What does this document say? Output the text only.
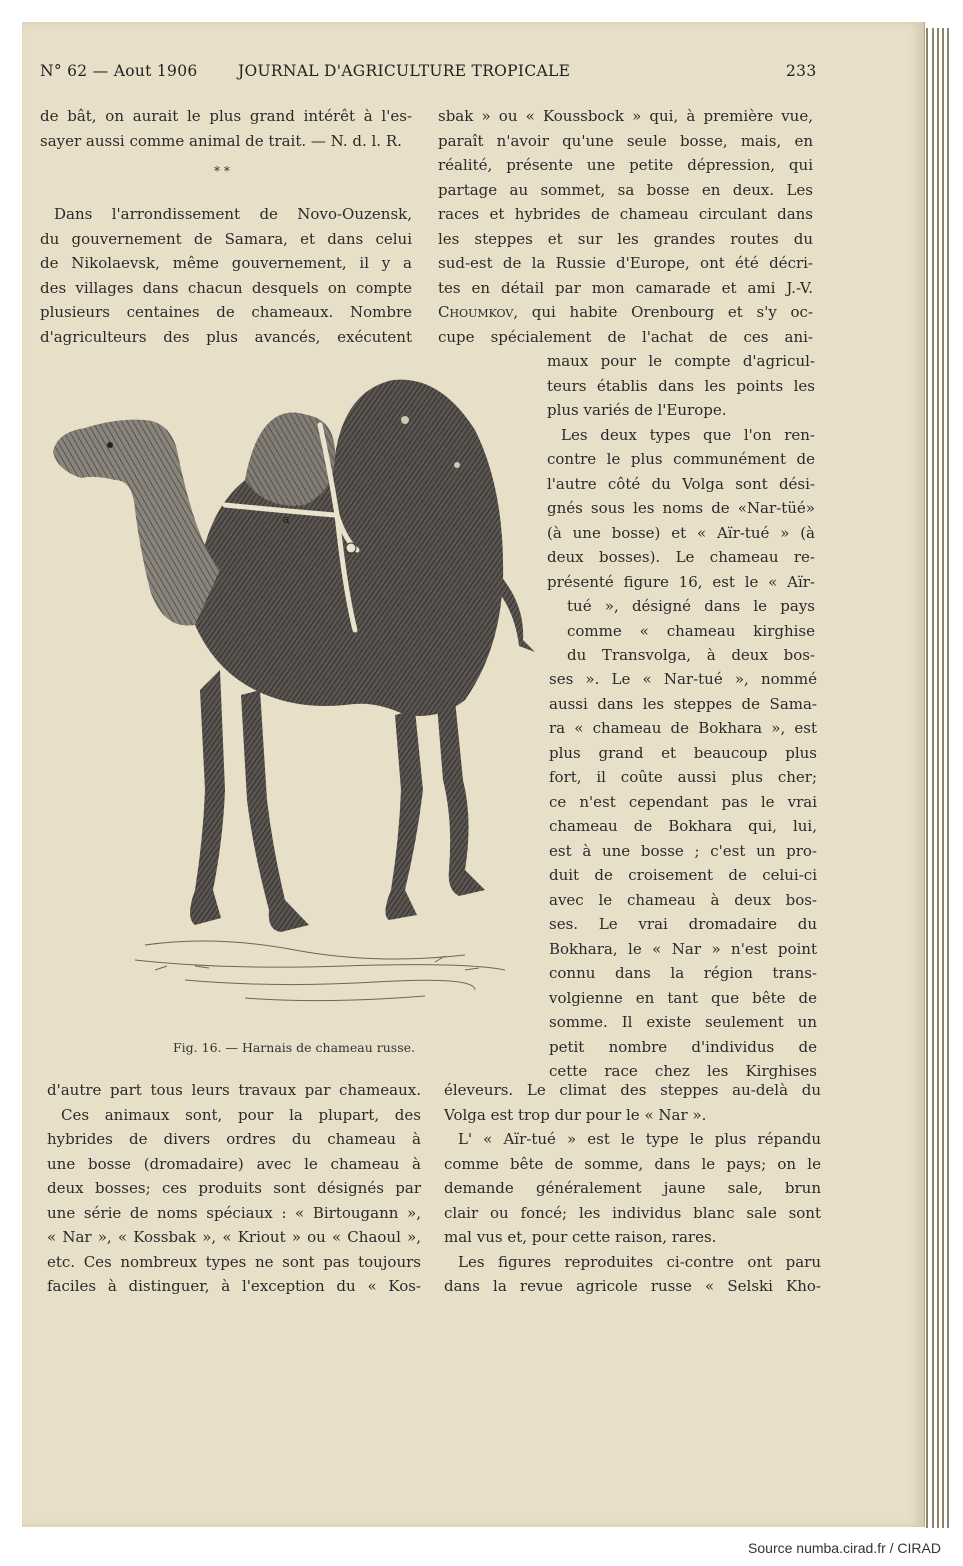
N° 62 — Aout 1906	JOURNAL D'AGRICULTURE TROPICALE	233
de bât, on aurait le plus grand intérêt à l'es-
sayer aussi comme animal de trait. — N. d. l. R.
* *
Dans l'arrondissement de Novo-Ouzensk,
du gouvernement de Samara, et dans celui
de Nikolaevsk, même gouvernement, il y a
des villages dans chacun desquels on compte
plusieurs centaines de chameaux. Nombre
d'agriculteurs des plus avancés, exécutent
sbak » ou « Koussbock » qui, à première vue,
paraît n'avoir qu'une seule bosse, mais, en
réalité, présente une petite dépression, qui
partage au sommet, sa bosse en deux. Les
races et hybrides de chameau circulant dans
les steppes et sur les grandes routes du
sud-est de la Russie d'Europe, ont été décri-
tes en détail par mon camarade et ami J.-V.
Choumkov, qui habite Orenbourg et s'y oc-
cupe spécialement de l'achat de ces ani-
maux pour le compte d'agricul-
teurs établis dans les points les
plus variés de l'Europe.
Les deux types que l'on ren-
contre le plus communément de
l'autre côté du Volga sont dési-
gnés sous les noms de «Nar-tüé»
(à une bosse) et « Aïr-tué » (à
deux bosses). Le chameau re-
présenté figure 16, est le « Aïr-
tué », désigné dans le pays
comme « chameau kirghise
du Transvolga, à deux bos-
ses ». Le « Nar-tué », nommé
aussi dans les steppes de Sama-
ra « chameau de Bokhara », est
plus grand et beaucoup plus
fort, il coûte aussi plus cher;
ce n'est cependant pas le vrai
chameau de Bokhara qui, lui,
est à une bosse ; c'est un pro-
duit de croisement de celui-ci
avec le chameau à deux bos-
ses. Le vrai dromadaire du
Bokhara, le « Nar » n'est point
connu dans la région trans-
volgienne en tant que bête de
somme. Il existe seulement un
petit nombre d'individus de
cette race chez les Kirghises
éleveurs. Le climat des steppes au-delà du
Volga est trop dur pour le « Nar ».
L' « Aïr-tué » est le type le plus répandu
comme bête de somme, dans le pays; on le
demande généralement jaune sale, brun
clair ou foncé; les individus blanc sale sont
mal vus et, pour cette raison, rares.
Les figures reproduites ci-contre ont paru
dans la revue agricole russe « Selski Kho-
d'autre part tous leurs travaux par chameaux.
Ces animaux sont, pour la plupart, des
hybrides de divers ordres du chameau à
une bosse (dromadaire) avec le chameau à
deux bosses; ces produits sont désignés par
une série de noms spéciaux : « Birtougann »,
« Nar », « Kossbak », « Kriout » ou « Chaoul »,
etc. Ces nombreux types ne sont pas toujours
faciles à distinguer, à l'exception du « Kos-
a
Fig. 16. — Harnais de chameau russe.
Source numba.cirad.fr / CIRAD
